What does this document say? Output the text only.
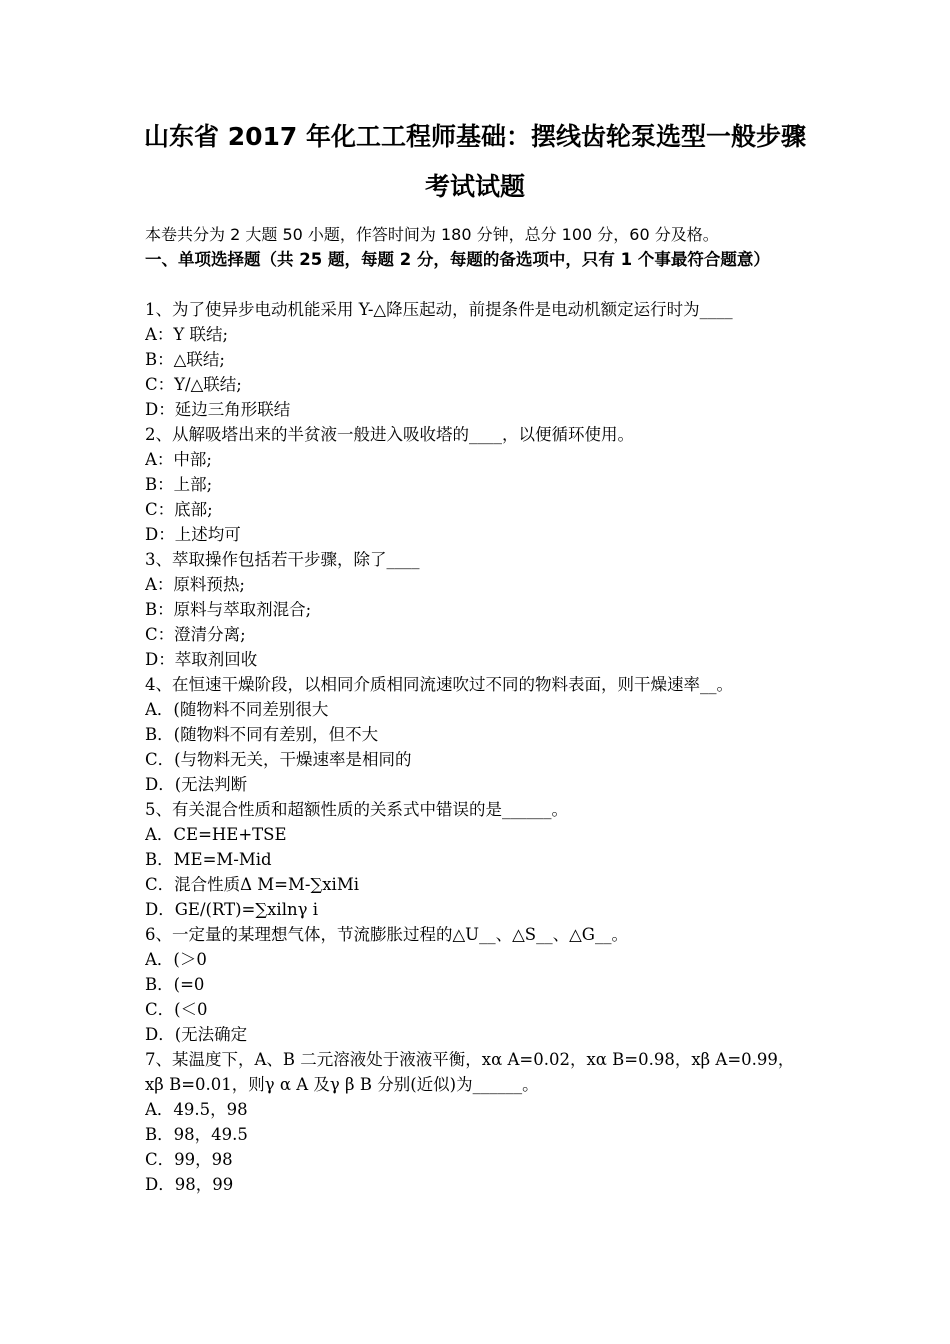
山东省 2017 年化工工程师基础：摆线齿轮泵选型一般步骤
考试试题
本卷共分为 2 大题 50 小题，作答时间为 180 分钟，总分 100 分，60 分及格。
一、单项选择题（共 25 题，每题 2 分，每题的备选项中，只有 1 个事最符合题意）
1、为了使异步电动机能采用 Y-△降压起动，前提条件是电动机额定运行时为____
A：Y 联结;
B：△联结;
C：Y/△联结;
D：延边三角形联结
2、从解吸塔出来的半贫液一般进入吸收塔的____，以便循环使用。
A：中部;
B：上部;
C：底部;
D：上述均可
3、萃取操作包括若干步骤，除了____
A：原料预热;
B：原料与萃取剂混合;
C：澄清分离;
D：萃取剂回收
4、在恒速干燥阶段，以相同介质相同流速吹过不同的物料表面，则干燥速率__。
A．(随物料不同差别很大
B．(随物料不同有差别，但不大
C．(与物料无关，干燥速率是相同的
D．(无法判断
5、有关混合性质和超额性质的关系式中错误的是______。
A．CE=HE+TSE
B．ME=M-Mid
C．混合性质Δ M=M-∑xiMi
D．GE/(RT)=∑xilnγ i
6、一定量的某理想气体，节流膨胀过程的△U__、△S__、△G__。
A．(＞0
B．(=0
C．(＜0
D．(无法确定
7、某温度下，A、B 二元溶液处于液液平衡，xα A=0.02，xα B=0.98，xβ A=0.99，xβ B=0.01，则γ α A 及γ β B 分别(近似)为______。
A．49.5，98
B．98，49.5
C．99，98
D．98，99
